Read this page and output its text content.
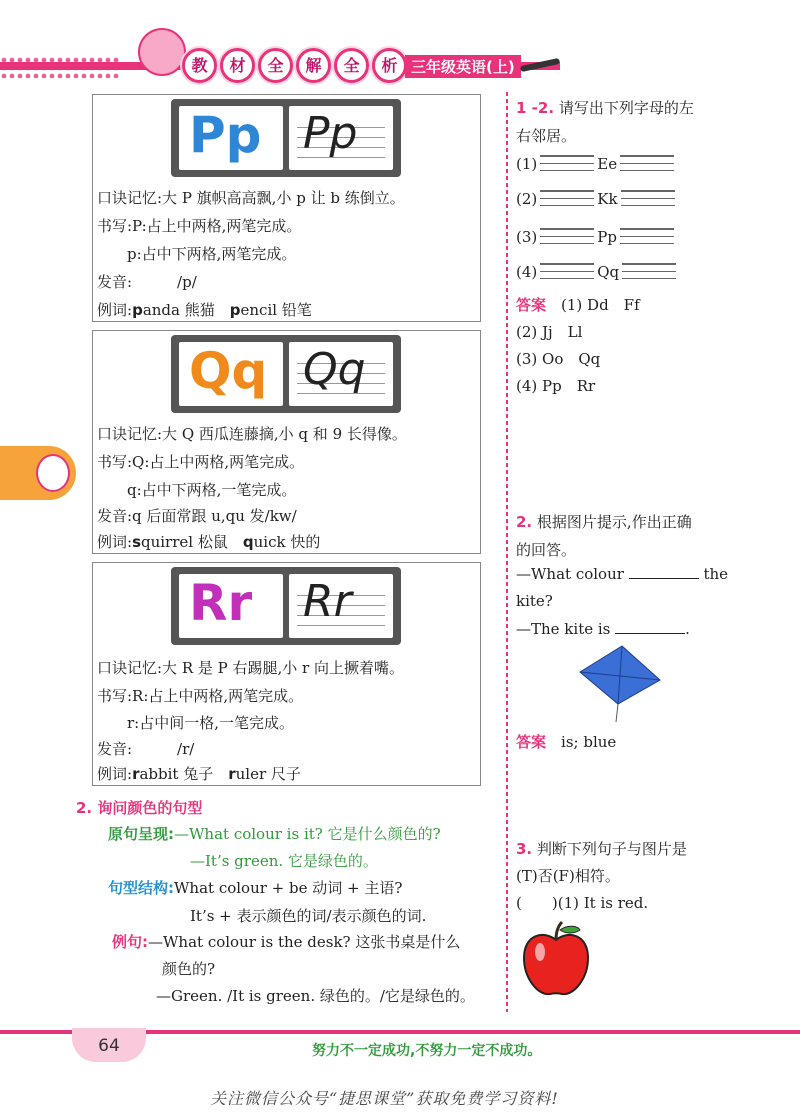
教	材	全	解	全	析 三年级英语(上)
Pp Pp
口诀记忆:大 P 旗帜高高飘,小 p 让 b 练倒立。
书写:P:占上中两格,两笔完成。
　　p:占中下两格,两笔完成。
发音:　　　/p/
例词:panda 熊猫　 pencil 铅笔
Qq Qq
口诀记忆:大 Q 西瓜连藤摘,小 q 和 9 长得像。
书写:Q:占上中两格,两笔完成。
　　q:占中下两格,一笔完成。
发音:q 后面常跟 u,qu 发/kw/
例词:squirrel 松鼠　 quick 快的
Rr Rr
口诀记忆:大 R 是 P 右踢腿,小 r 向上撅着嘴。
书写:R:占上中两格,两笔完成。
　　r:占中间一格,一笔完成。
发音:　　　/r/
例词:rabbit 兔子　 ruler 尺子
2. 询问颜色的句型
原句呈现:—What colour is it? 它是什么颜色的?
—It’s green. 它是绿色的。
句型结构:What colour + be 动词 + 主语?
It’s + 表示颜色的词/表示颜色的词.
例句:—What colour is the desk? 这张书桌是什么
颜色的?
—Green. /It is green. 绿色的。/它是绿色的。
1 -2. 请写出下列字母的左
右邻居。
(1)	Ee
(2)	Kk
(3)	Pp
(4)	Qq
答案　 (1) Dd　Ff
(2) Jj　Ll
(3) Oo　Qq
(4) Pp　Rr
2. 根据图片提示,作出正确
的回答。
—What colour	the
kite?
—The kite is	.
答案　 is; blue
3. 判断下列句子与图片是
(T)否(F)相符。
(　　)(1) It is red.
64	努力不一定成功,不努力一定不成功。
关注微信公众号“捷思课堂”获取免费学习资料!
